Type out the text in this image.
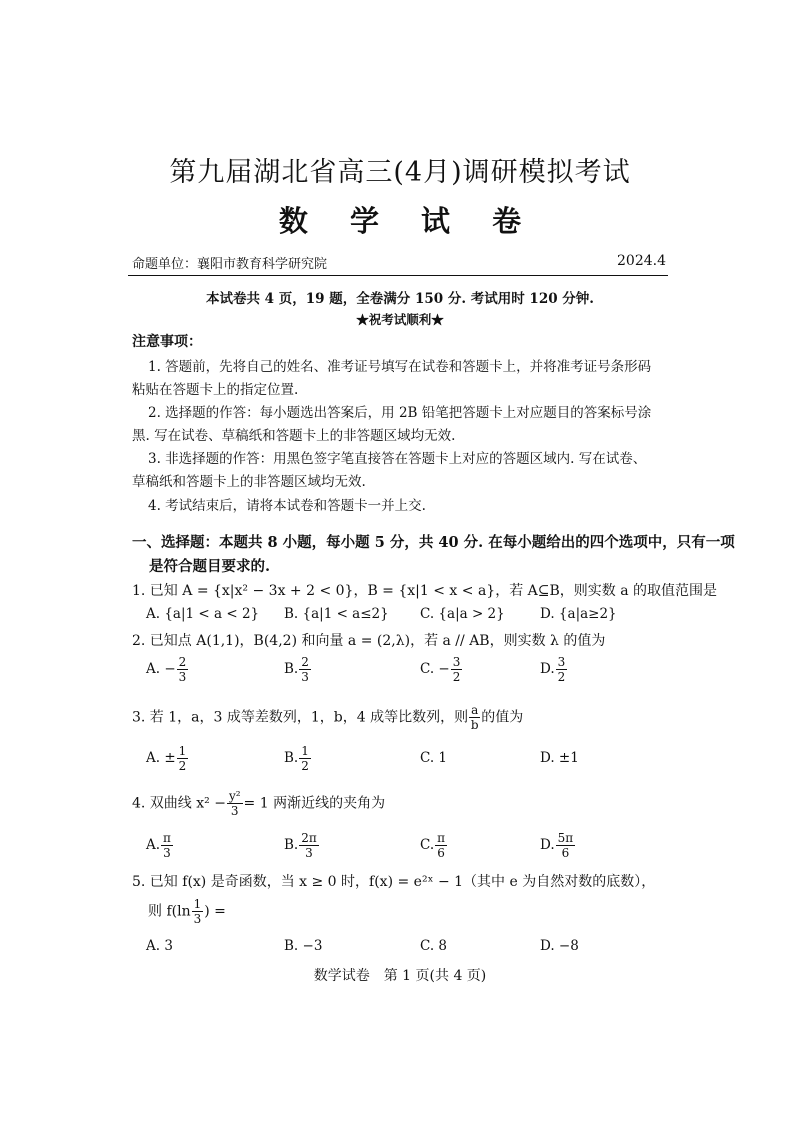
第九届湖北省高三(4月)调研模拟考试
数 学 试 卷
命题单位：襄阳市教育科学研究院	2024.4
本试卷共 4 页，19 题，全卷满分 150 分. 考试用时 120 分钟.
★祝考试顺利★
注意事项：
1. 答题前，先将自己的姓名、准考证号填写在试卷和答题卡上，并将准考证号条形码
粘贴在答题卡上的指定位置.
2. 选择题的作答：每小题选出答案后，用 2B 铅笔把答题卡上对应题目的答案标号涂
黑. 写在试卷、草稿纸和答题卡上的非答题区域均无效.
3. 非选择题的作答：用黑色签字笔直接答在答题卡上对应的答题区域内. 写在试卷、
草稿纸和答题卡上的非答题区域均无效.
4. 考试结束后，请将本试卷和答题卡一并上交.
一、选择题：本题共 8 小题，每小题 5 分，共 40 分. 在每小题给出的四个选项中，只有一项
是符合题目要求的.
1. 已知 A = {x|x² − 3x + 2 < 0}，B = {x|1 < x < a}，若 A⊆B，则实数 a 的取值范围是
A. {a|1 < a < 2} B. {a|1 < a≤2} C. {a|a > 2}	D. {a|a≥2}
2. 已知点 A(1,1)，B(4,2) 和向量 a = (2,λ)，若 a // AB，则实数 λ 的值为
A. − $\frac{2}{3}$	B. $\frac{2}{3}$	C. − $\frac{3}{2}$	D. $\frac{3}{2}$
3. 若 1，a，3 成等差数列，1，b，4 成等比数列，则 $\frac{a}{b}$ 的值为
A. ± $\frac{1}{2}$	B. $\frac{1}{2}$	C. 1	D. ±1
4. 双曲线 $x^2 - \frac{\text{y²}}{3} = 1$ 两渐近线的夹角为
A. $\frac{\pi}{3}$	B. $\frac{2\pi}{3}$	C. $\frac{\pi}{6}$	D. $\frac{5\pi}{6}$
5. 已知 f(x) 是奇函数，当 x ≥ 0 时，f(x) = e²ˣ − 1（其中 e 为自然对数的底数），
则 $f(\ln \frac{1}{3}$ ) =
A. 3	B. −3	C. 8	D. −8
数学试卷　第 1 页(共 4 页)
